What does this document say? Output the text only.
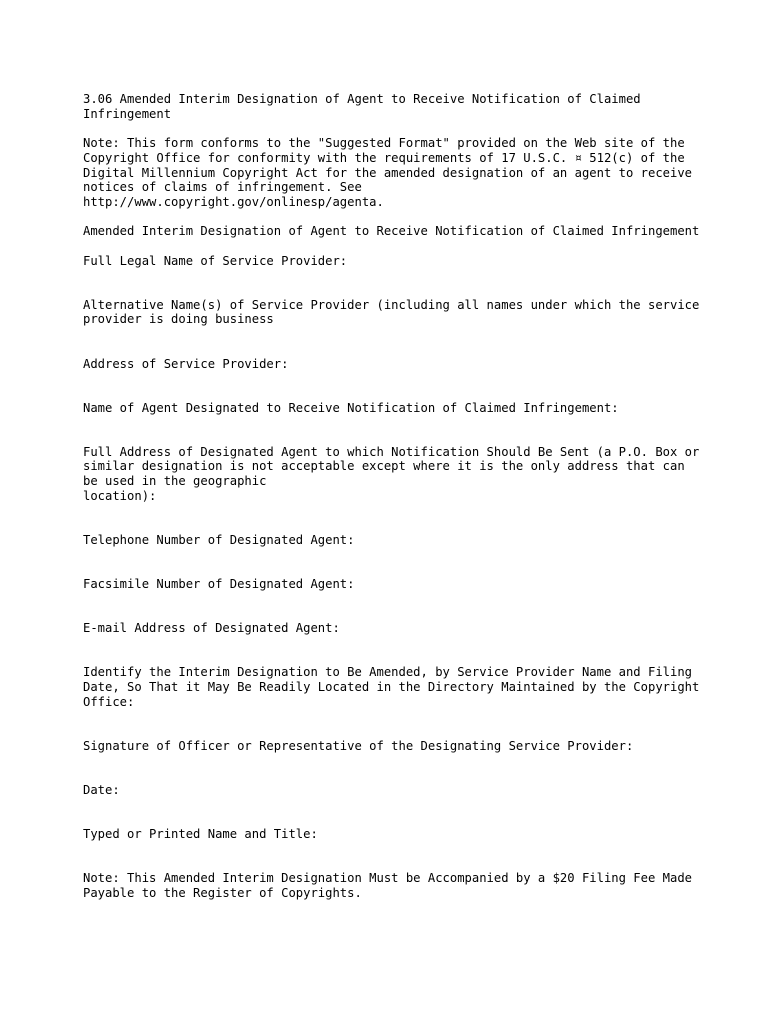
3.06 Amended Interim Designation of Agent to Receive Notification of Claimed Infringement

Note: This form conforms to the "Suggested Format" provided on the Web site of the Copyright Office for conformity with the requirements of 17 U.S.C. ¤ 512(c) of the Digital Millennium Copyright Act for the amended designation of an agent to receive notices of claims of infringement. See
http://www.copyright.gov/onlinesp/agenta.

Amended Interim Designation of Agent to Receive Notification of Claimed Infringement

Full Legal Name of Service Provider:

Alternative Name(s) of Service Provider (including all names under which the service provider is doing business

Address of Service Provider:

Name of Agent Designated to Receive Notification of Claimed Infringement:

Full Address of Designated Agent to which Notification Should Be Sent (a P.O. Box or similar designation is not acceptable except where it is the only address that can be used in the geographic
location):

Telephone Number of Designated Agent:

Facsimile Number of Designated Agent:

E-mail Address of Designated Agent:

Identify the Interim Designation to Be Amended, by Service Provider Name and Filing Date, So That it May Be Readily Located in the Directory Maintained by the Copyright Office:

Signature of Officer or Representative of the Designating Service Provider:

Date:

Typed or Printed Name and Title:

Note: This Amended Interim Designation Must be Accompanied by a $20 Filing Fee Made Payable to the Register of Copyrights.
